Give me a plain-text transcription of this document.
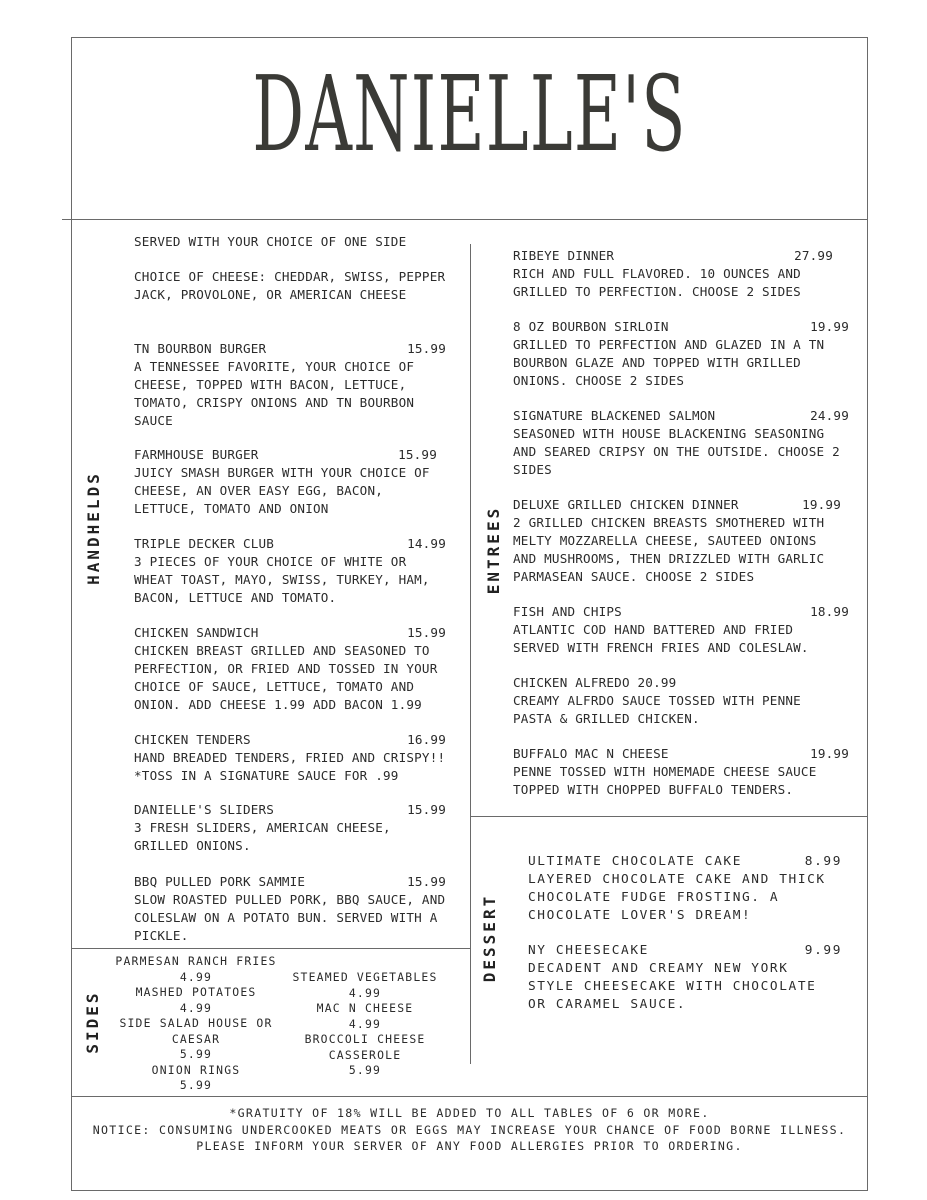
DANIELLE'S
HANDHELDS	ENTREES
DESSERT
SIDES
SERVED WITH YOUR CHOICE OF ONE SIDE
CHOICE OF CHEESE: CHEDDAR, SWISS, PEPPER
JACK, PROVOLONE, OR AMERICAN CHEESE
TN BOURBON BURGER	15.99
A TENNESSEE FAVORITE, YOUR CHOICE OF
CHEESE, TOPPED WITH BACON, LETTUCE,
TOMATO, CRISPY ONIONS AND TN BOURBON
SAUCE
FARMHOUSE BURGER	15.99
JUICY SMASH BURGER WITH YOUR CHOICE OF
CHEESE, AN OVER EASY EGG, BACON,
LETTUCE, TOMATO AND ONION
TRIPLE DECKER CLUB	14.99
3 PIECES OF YOUR CHOICE OF WHITE OR
WHEAT TOAST, MAYO, SWISS, TURKEY, HAM,
BACON, LETTUCE AND TOMATO.
CHICKEN SANDWICH	15.99
CHICKEN BREAST GRILLED AND SEASONED TO
PERFECTION, OR FRIED AND TOSSED IN YOUR
CHOICE OF SAUCE, LETTUCE, TOMATO AND
ONION. ADD CHEESE 1.99 ADD BACON 1.99
CHICKEN TENDERS	16.99
HAND BREADED TENDERS, FRIED AND CRISPY!!
*TOSS IN A SIGNATURE SAUCE FOR .99
DANIELLE'S SLIDERS	15.99
3 FRESH SLIDERS, AMERICAN CHEESE,
GRILLED ONIONS.
BBQ PULLED PORK SAMMIE	15.99
SLOW ROASTED PULLED PORK, BBQ SAUCE, AND
COLESLAW ON A POTATO BUN. SERVED WITH A
PICKLE.
RIBEYE DINNER	27.99
RICH AND FULL FLAVORED. 10 OUNCES AND
GRILLED TO PERFECTION. CHOOSE 2 SIDES
8 OZ BOURBON SIRLOIN	19.99
GRILLED TO PERFECTION AND GLAZED IN A TN
BOURBON GLAZE AND TOPPED WITH GRILLED
ONIONS. CHOOSE 2 SIDES
SIGNATURE BLACKENED SALMON	24.99
SEASONED WITH HOUSE BLACKENING SEASONING
AND SEARED CRIPSY ON THE OUTSIDE. CHOOSE 2
SIDES
DELUXE GRILLED CHICKEN DINNER	19.99
2 GRILLED CHICKEN BREASTS SMOTHERED WITH
MELTY MOZZARELLA CHEESE, SAUTEED ONIONS
AND MUSHROOMS, THEN DRIZZLED WITH GARLIC
PARMASEAN SAUCE. CHOOSE 2 SIDES
FISH AND CHIPS	18.99
ATLANTIC COD HAND BATTERED AND FRIED
SERVED WITH FRENCH FRIES AND COLESLAW.
CHICKEN ALFREDO 20.99
CREAMY ALFRDO SAUCE TOSSED WITH PENNE
PASTA & GRILLED CHICKEN.
BUFFALO MAC N CHEESE	19.99
PENNE TOSSED WITH HOMEMADE CHEESE SAUCE
TOPPED WITH CHOPPED BUFFALO TENDERS.
ULTIMATE CHOCOLATE CAKE	8.99
LAYERED CHOCOLATE CAKE AND THICK
CHOCOLATE FUDGE FROSTING. A
CHOCOLATE LOVER'S DREAM!
NY CHEESECAKE	9.99
DECADENT AND CREAMY NEW YORK
STYLE CHEESECAKE WITH CHOCOLATE
OR CARAMEL SAUCE.
PARMESAN RANCH FRIES
4.99
MASHED POTATOES
4.99
SIDE SALAD HOUSE OR
CAESAR
5.99
ONION RINGS
5.99
STEAMED VEGETABLES
4.99
MAC N CHEESE
4.99
BROCCOLI CHEESE
CASSEROLE
5.99
*GRATUITY OF 18% WILL BE ADDED TO ALL TABLES OF 6 OR MORE.
NOTICE: CONSUMING UNDERCOOKED MEATS OR EGGS MAY INCREASE YOUR CHANCE OF FOOD BORNE ILLNESS.
PLEASE INFORM YOUR SERVER OF ANY FOOD ALLERGIES PRIOR TO ORDERING.
